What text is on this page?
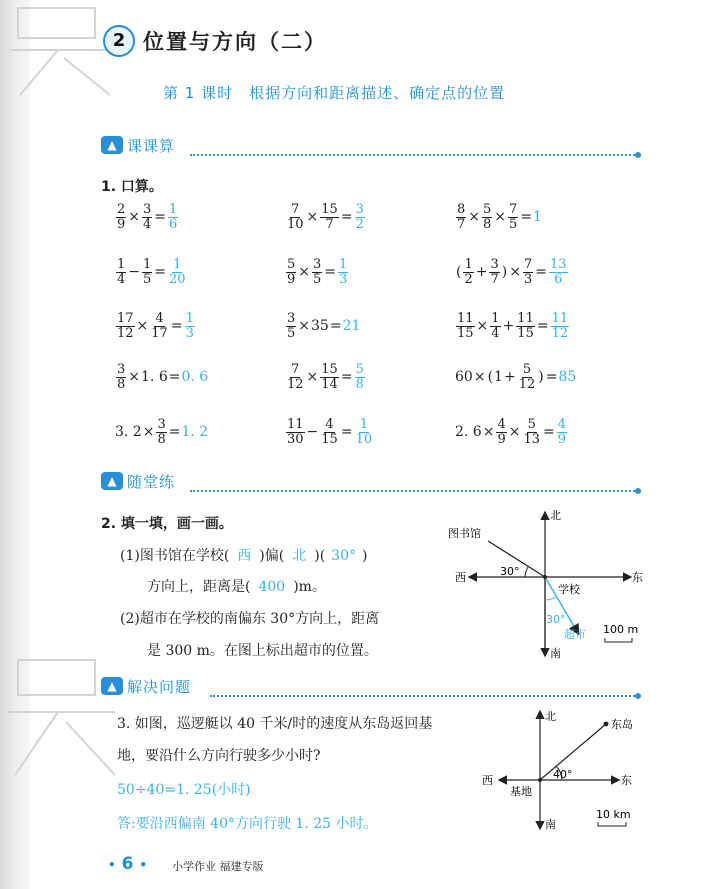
2 位置与方向（二）
第 1 课时 根据方向和距离描述、确定点的位置
▲ 课课算
1. 口算。
$\frac{2}{9} \times \frac{3}{4} = \frac{1}{6}$	$\frac{7}{10} \times \frac{15}{7} = \frac{3}{2}$	$\frac{8}{7} \times \frac{5}{8} \times \frac{7}{5} = 1$
$\frac{1}{4} - \frac{1}{5} = \frac{1}{20}$	$\frac{5}{9} \times \frac{3}{5} = \frac{1}{3}$	( $\frac{1}{2} + \frac{3}{7}$ ) × $\frac{7}{3} = \frac{13}{6}$
$\frac{17}{12} \times \frac{4}{17} = \frac{1}{3}$	$\frac{3}{5} \times 35 = 21$	$\frac{11}{15} \times \frac{1}{4} + \frac{11}{15} = \frac{11}{12}$
$\frac{3}{8} \times 1$. 6 = 0. 6	$\frac{7}{12} \times \frac{15}{14} = \frac{5}{8}$	60 × ( $1 + \frac{5}{12}$ ) = 85
3. $2 \times \frac{3}{8} = 1$. 2	$\frac{11}{30} - \frac{4}{15} = \frac{1}{10}$	2. $6 \times \frac{4}{9} \times \frac{5}{13} = \frac{4}{9}$
▲ 随堂练
2. 填一填，画一画。
(1)图书馆在学校( 西 )偏( 北 )( 30° )
方向上，距离是( 400 )m。
(2)超市在学校的南偏东 30°方向上，距离
是 300 m。在图上标出超市的位置。
北
南
东
西
图书馆
学校
超市
30°
30°
100 m
▲ 解决问题
3. 如图，巡逻艇以 40 千米/时的速度从东岛返回基
地，要沿什么方向行驶多少小时?
50÷40=1. 25(小时)
答:要沿西偏南 40°方向行驶 1. 25 小时。
北
南
东
西
东岛
基地
40°
10 km
• 6 • 小学作业 福建专版
